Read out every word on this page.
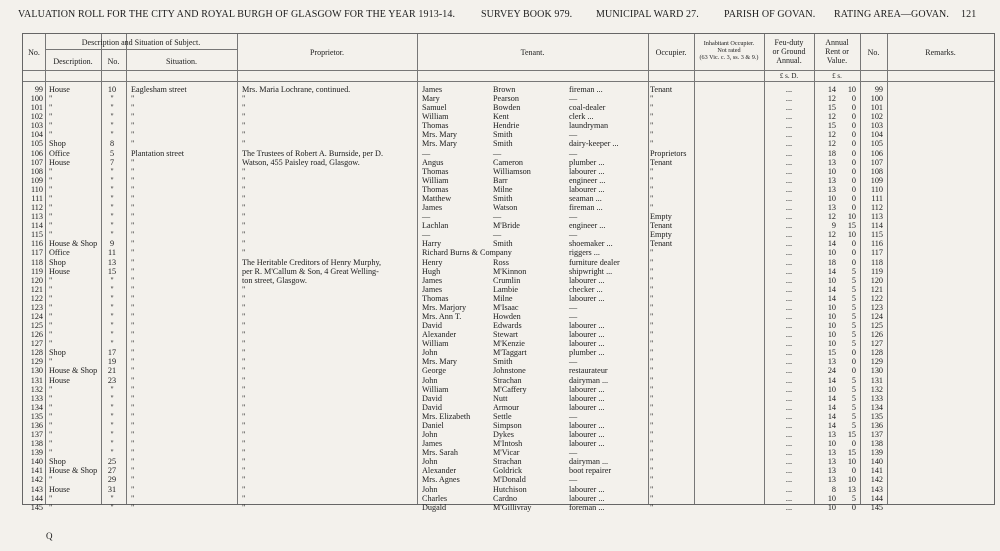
VALUATION ROLL FOR THE CITY AND ROYAL BURGH OF GLASGOW FOR THE YEAR 1913-14.	SURVEY BOOK 979. MUNICIPAL WARD 27.	PARISH OF GOVAN. RATING AREA—GOVAN. 121
No.
Description and Situation of Subject.
Description.	No.	Situation.
Proprietor.	Tenant.	Occupier.
Inhabitant Occupier.
Not rated
(63 Vic. c. 3, ss. 3 & 9.)
Feu-duty
or Ground
Annual.
Annual
Rent or
Value.
No.	Remarks.
£ s. D.	£ s.
99 House	10	Eaglesham street	Mrs. Maria Lochrane, continued.	James	Brown	fireman ...	Tenant	...	14	10	99
100 "	"	"	"	Mary	Pearson	—	"	...	12	0	100
101 "	"	"	"	Samuel	Bowden	coal-dealer	"	...	15	0	101
102 "	"	"	"	William	Kent	clerk ...	"	...	12	0	102
103 "	"	"	"	Thomas	Hendrie	laundryman	"	...	15	0	103
104 "	"	"	"	Mrs. Mary	Smith	—	"	...	12	0	104
105 Shop	8	"	"	Mrs. Mary	Smith	dairy-keeper ...	"	...	12	0	105
106 Office	5	Plantation street	The Trustees of Robert A. Burnside, per D.	—	—	—	Proprietors	...	18	0	106
107 House	7	"	Watson, 455 Paisley road, Glasgow.	Angus	Cameron	plumber ...	Tenant	...	13	0	107
108 "	"	"	"	Thomas	Williamson	labourer ...	"	...	10	0	108
109 "	"	"	"	William	Barr	engineer ...	"	...	13	0	109
110 "	"	"	"	Thomas	Milne	labourer ...	"	...	13	0	110
111 "	"	"	"	Matthew	Smith	seaman ...	"	...	10	0	111
112 "	"	"	"	James	Watson	fireman ...	"	...	13	0	112
113 "	"	"	"	—	—	—	Empty	...	12	10	113
114 "	"	"	"	Lachlan	M'Bride	engineer ...	Tenant	...	9	15	114
115 "	"	"	"	—	—	—	Empty	...	12	10	115
116 House & Shop	9	"	"	Harry	Smith	shoemaker ...	Tenant	...	14	0	116
117 Office	11	"	"	Richard Burns & Company	riggers ...	"	...	10	0	117
118 Shop	13	"	The Heritable Creditors of Henry Murphy,	Henry	Ross	furniture dealer	"	...	18	0	118
119 House	15	"	per R. M'Callum & Son, 4 Great Welling-	Hugh	M'Kinnon	shipwright ...	"	...	14	5	119
120 "	"	"	ton street, Glasgow.	James	Crumlin	labourer ...	"	...	10	5	120
121 "	"	"	"	James	Lambie	checker ...	"	...	14	5	121
122 "	"	"	"	Thomas	Milne	labourer ...	"	...	14	5	122
123 "	"	"	"	Mrs. Marjory	M'Isaac	—	"	...	10	5	123
124 "	"	"	"	Mrs. Ann T.	Howden	—	"	...	10	5	124
125 "	"	"	"	David	Edwards	labourer ...	"	...	10	5	125
126 "	"	"	"	Alexander	Stewart	labourer ...	"	...	10	5	126
127 "	"	"	"	William	M'Kenzie	labourer ...	"	...	10	5	127
128 Shop	17	"	"	John	M'Taggart	plumber ...	"	...	15	0	128
129 "	19	"	"	Mrs. Mary	Smith	—	"	...	13	0	129
130 House & Shop	21	"	"	George	Johnstone	restaurateur	"	...	24	0	130
131 House	23	"	"	John	Strachan	dairyman ...	"	...	14	5	131
132 "	"	"	"	William	M'Caffery	labourer ...	"	...	10	5	132
133 "	"	"	"	David	Nutt	labourer ...	"	...	14	5	133
134 "	"	"	"	David	Armour	labourer ...	"	...	14	5	134
135 "	"	"	"	Mrs. Elizabeth	Settle	—	"	...	14	5	135
136 "	"	"	"	Daniel	Simpson	labourer ...	"	...	14	5	136
137 "	"	"	"	John	Dykes	labourer ...	"	...	13	15	137
138 "	"	"	"	James	M'Intosh	labourer ...	"	...	10	0	138
139 "	"	"	"	Mrs. Sarah	M'Vicar	—	"	...	13	15	139
140 Shop	25	"	"	John	Strachan	dairyman ...	"	...	13	10	140
141 House & Shop	27	"	"	Alexander	Goldrick	boot repairer	"	...	13	0	141
142 "	29	"	"	Mrs. Agnes	M'Donald	—	"	...	13	10	142
143 House	31	"	"	John	Hutchison	labourer ...	"	...	8	13	143
144 "	"	"	"	Charles	Cardno	labourer ...	"	...	10	5	144
145 "	"	"	"	Dugald	M'Gillivray	foreman ...	"	...	10	0	145
Q
